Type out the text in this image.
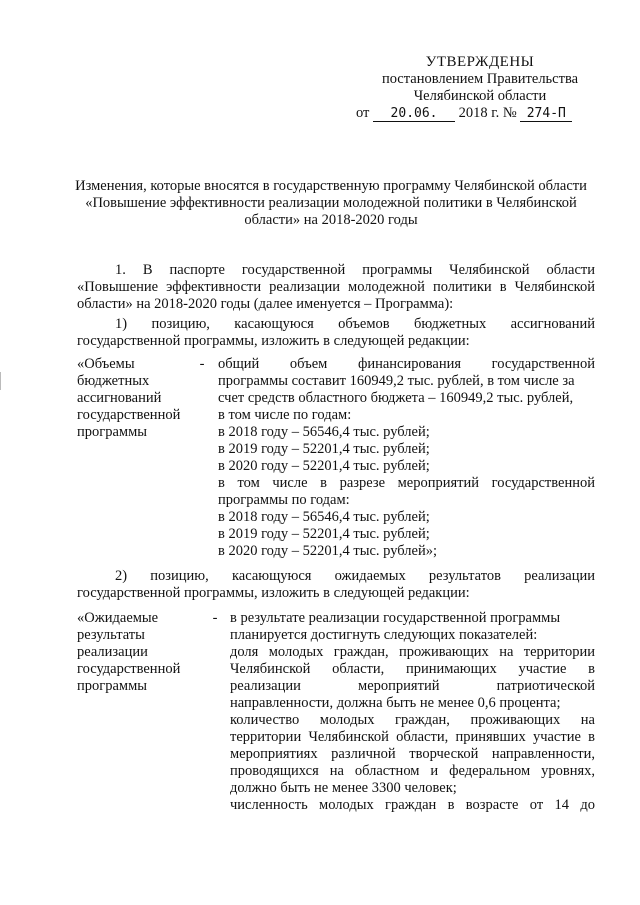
УТВЕРЖДЕНЫ
постановлением Правительства
Челябинской области
от 20.06. 2018 г. № 274-П
Изменения, которые вносятся в государственную программу Челябинской области «Повышение эффективности реализации молодежной политики в Челябинской области» на 2018-2020 годы
1. В паспорте государственной программы Челябинской области
«Повышение эффективности реализации молодежной политики в Челябинской области» на 2018-2020 годы (далее именуется – Программа):
1) позицию, касающуюся объемов бюджетных ассигнований
государственной программы, изложить в следующей редакции:
«Объемы
бюджетных
ассигнований
государственной
программы
- общий объем финансирования государственной
программы составит 160949,2 тыс. рублей, в том числе за
счет средств областного бюджета – 160949,2 тыс. рублей,
в том числе по годам:
в 2018 году – 56546,4 тыс. рублей;
в 2019 году – 52201,4 тыс. рублей;
в 2020 году – 52201,4 тыс. рублей;
в том числе в разрезе мероприятий государственной
программы по годам:
в 2018 году – 56546,4 тыс. рублей;
в 2019 году – 52201,4 тыс. рублей;
в 2020 году – 52201,4 тыс. рублей»;
2) позицию, касающуюся ожидаемых результатов реализации
государственной программы, изложить в следующей редакции:
«Ожидаемые
результаты
реализации
государственной
программы
- в результате реализации государственной программы
планируется достигнуть следующих показателей:
доля молодых граждан, проживающих на территории
Челябинской области, принимающих участие в
реализации мероприятий патриотической
направленности, должна быть не менее 0,6 процента;
количество молодых граждан, проживающих на
территории Челябинской области, принявших участие в
мероприятиях различной творческой направленности,
проводящихся на областном и федеральном уровнях,
должно быть не менее 3300 человек;
численность молодых граждан в возрасте от 14 до
